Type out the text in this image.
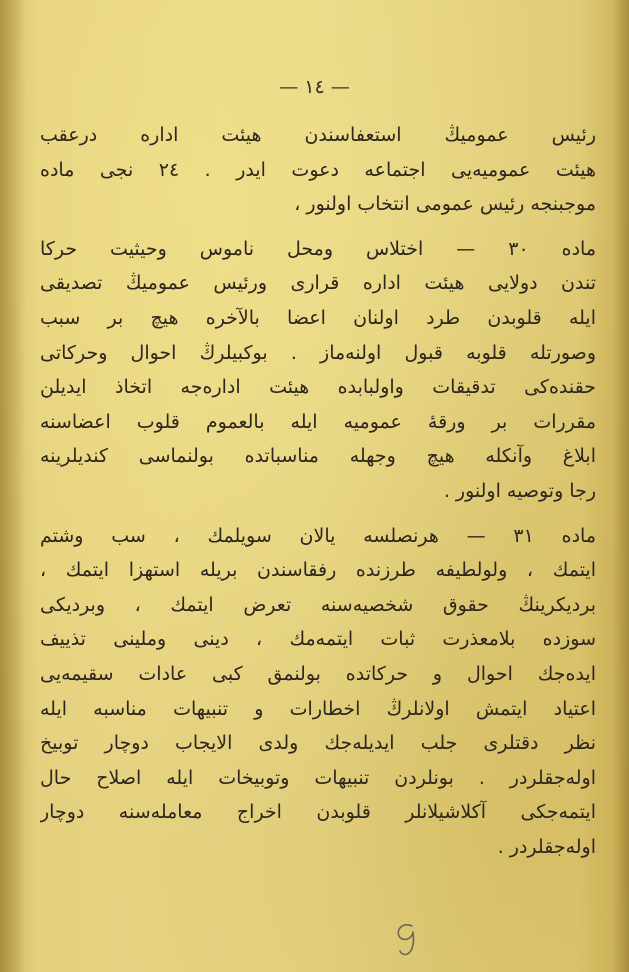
— ١٤ —
رئيس عموميڭ استعفاسندن هيئت اداره درعقب
هيئت عموميه‌يى اجتماعه دعوت ايدر . ٢٤ نجى ماده
موجبنجه رئيس عمومى انتخاب اولنور ،
ماده ٣٠ — اختلاس ومحل ناموس وحيثيت حركا
تندن دولايى هيئت اداره قرارى ورئيس عموميڭ تصديقى
ايله قلوبدن طرد اولنان اعضا بالآخره هيچ بر سبب
وصورتله قلوبه قبول اولنه‌ماز . بوكبيلرڭ احوال وحركاتى
حقنده‌كى تدقيقات واولبابده هيئت اداره‌جه اتخاذ ايديلن
مقررات بر ورقهٔ عموميه ايله بالعموم قلوب اعضاسنه
ابلاغ وآنكله هيچ وجهله مناسباتده بولنماسى كنديلرينه
رجا وتوصيه اولنور .
ماده ٣١ — هرنصلسه يالان سويلمك ، سب وشتم
ايتمك ، ولولطيفه طرزنده رفقاسندن بريله استهزا ايتمك ،
برديكرينڭ حقوق شخصيه‌سنه تعرض ايتمك ، وبرديكى
سوزده بلامعذرت ثبات ايتمه‌مك ، دينى وملينى تذييف
ايده‌جك احوال و حركاتده بولنمق كبى عادات سقيمه‌يى
اعتياد ايتمش اولانلرڭ اخطارات و تنبيهات مناسبه ايله
نظر دقتلرى جلب ايديله‌جك ولدى الايجاب دوچار توبيخ
اوله‌جقلردر . بونلردن تنبيهات وتوبيخات ايله اصلاح حال
ايتمه‌جكى آكلاشيلانلر قلوبدن اخراج معامله‌سنه دوچار
اوله‌جقلردر .
